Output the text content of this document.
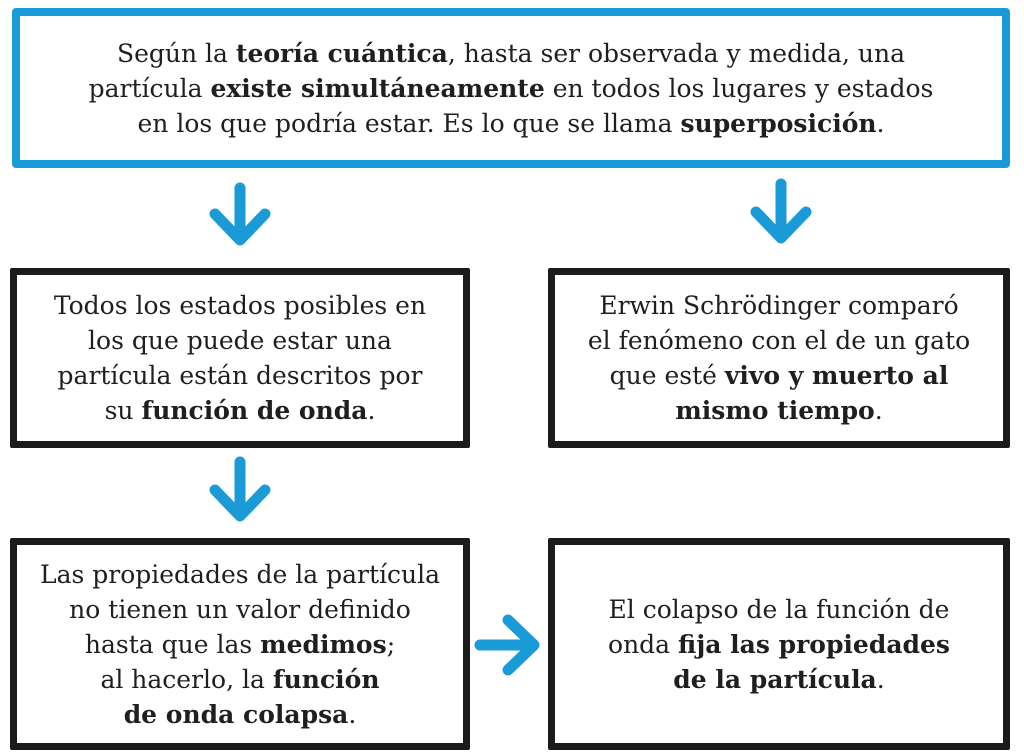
Según la teoría cuántica, hasta ser observada y medida, una
partícula existe simultáneamente en todos los lugares y estados
en los que podría estar. Es lo que se llama superposición.
Todos los estados posibles en
los que puede estar una
partícula están descritos por
su función de onda.
Erwin Schrödinger comparó
el fenómeno con el de un gato
que esté vivo y muerto al
mismo tiempo.
Las propiedades de la partícula
no tienen un valor definido
hasta que las medimos;
al hacerlo, la función
de onda colapsa.
El colapso de la función de
onda fija las propiedades
de la partícula.
